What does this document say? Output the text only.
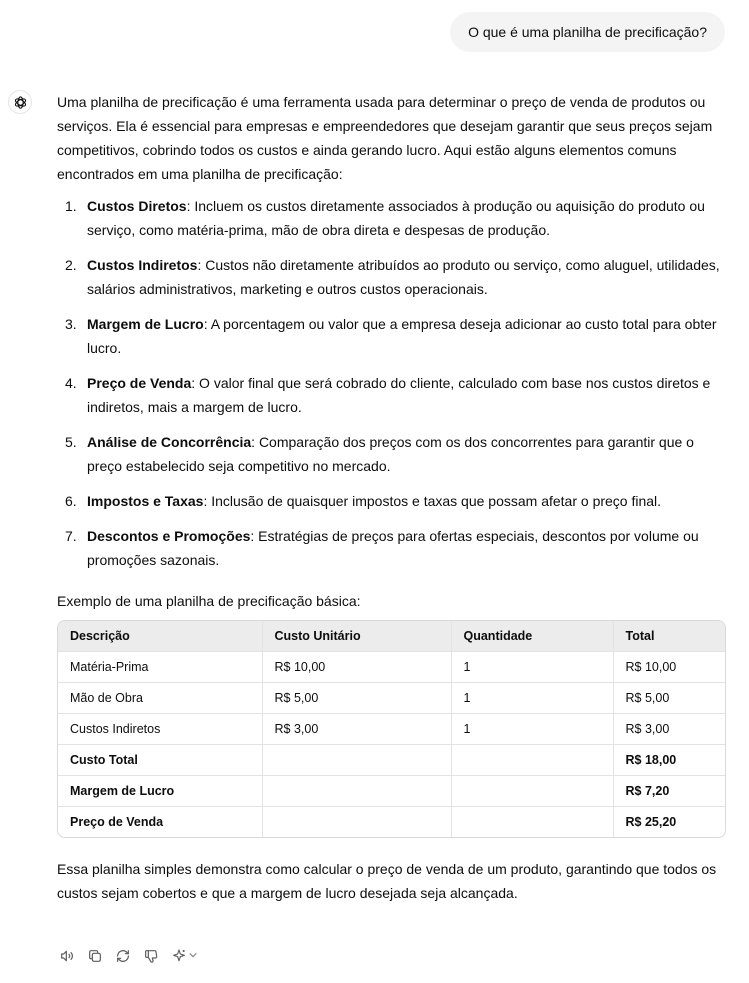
O que é uma planilha de precificação?

Uma planilha de precificação é uma ferramenta usada para determinar o preço de venda de produtos ou serviços. Ela é essencial para empresas e empreendedores que desejam garantir que seus preços sejam competitivos, cobrindo todos os custos e ainda gerando lucro. Aqui estão alguns elementos comuns encontrados em uma planilha de precificação:

1. Custos Diretos: Incluem os custos diretamente associados à produção ou aquisição do produto ou serviço, como matéria-prima, mão de obra direta e despesas de produção.
2. Custos Indiretos: Custos não diretamente atribuídos ao produto ou serviço, como aluguel, utilidades, salários administrativos, marketing e outros custos operacionais.
3. Margem de Lucro: A porcentagem ou valor que a empresa deseja adicionar ao custo total para obter lucro.
4. Preço de Venda: O valor final que será cobrado do cliente, calculado com base nos custos diretos e indiretos, mais a margem de lucro.
5. Análise de Concorrência: Comparação dos preços com os dos concorrentes para garantir que o preço estabelecido seja competitivo no mercado.
6. Impostos e Taxas: Inclusão de quaisquer impostos e taxas que possam afetar o preço final.
7. Descontos e Promoções: Estratégias de preços para ofertas especiais, descontos por volume ou promoções sazonais.

Exemplo de uma planilha de precificação básica:

Descrição	Custo Unitário	Quantidade	Total
Matéria-Prima	R$ 10,00	1	R$ 10,00
Mão de Obra	R$ 5,00	1	R$ 5,00
Custos Indiretos	R$ 3,00	1	R$ 3,00
Custo Total			R$ 18,00
Margem de Lucro			R$ 7,20
Preço de Venda			R$ 25,20

Essa planilha simples demonstra como calcular o preço de venda de um produto, garantindo que todos os custos sejam cobertos e que a margem de lucro desejada seja alcançada.
